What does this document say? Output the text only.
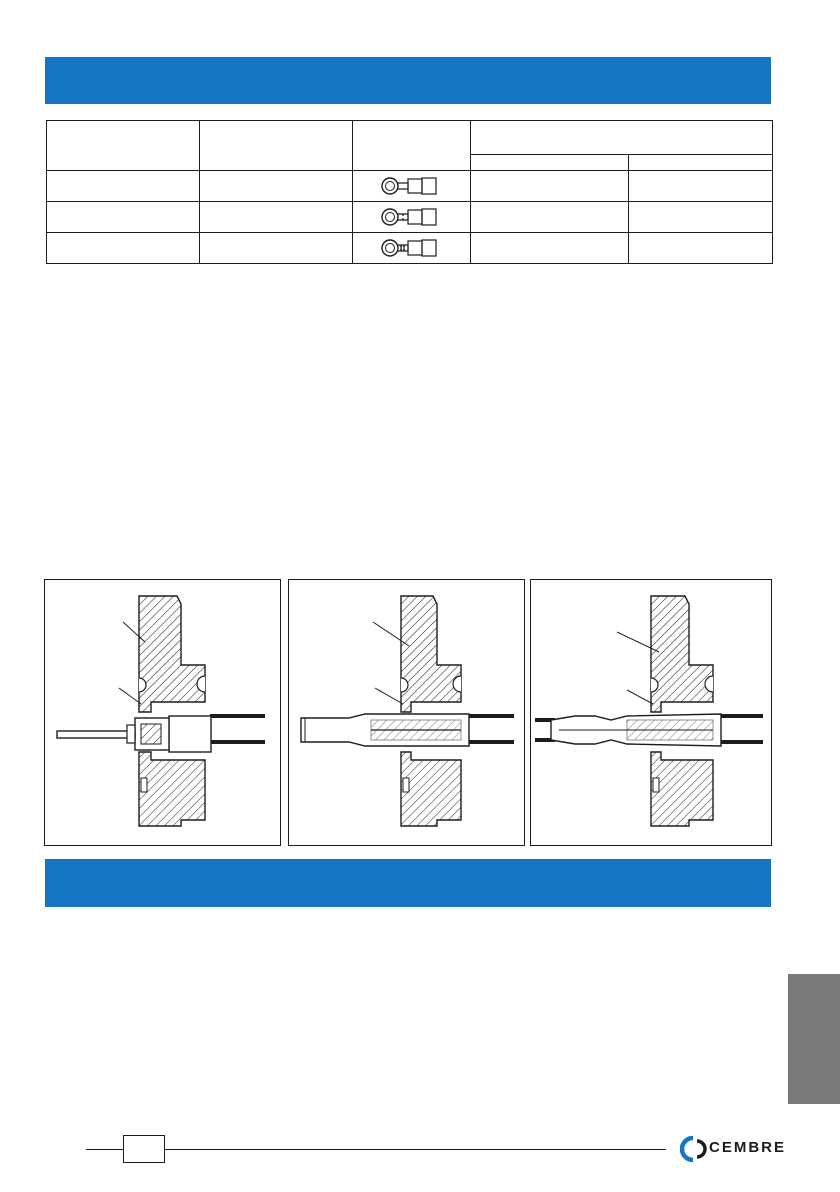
CEMBRE
